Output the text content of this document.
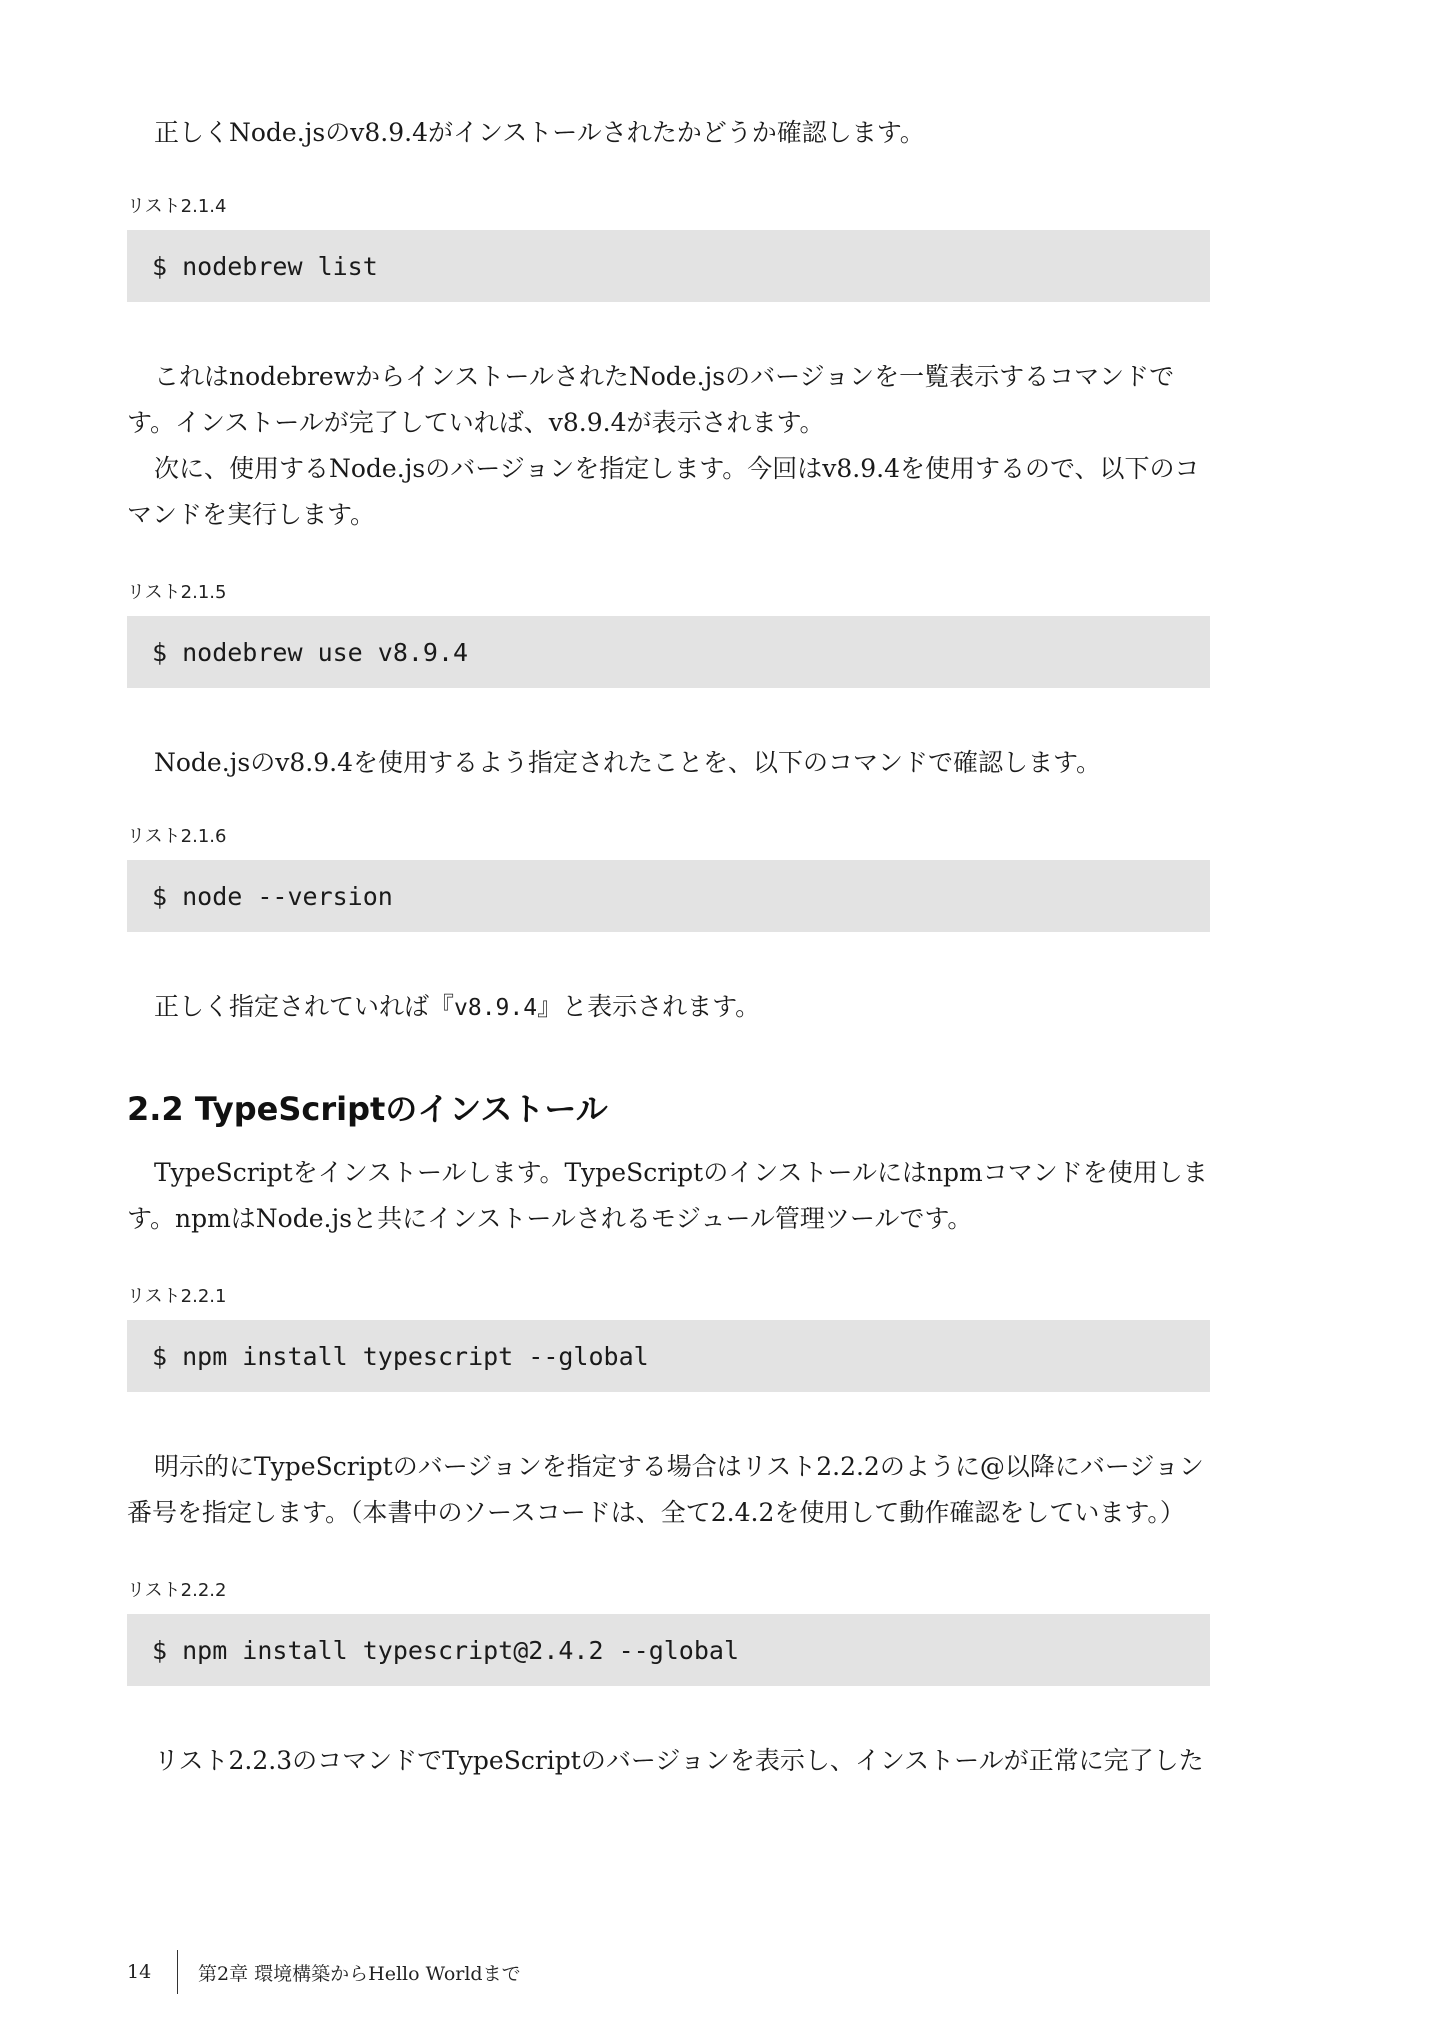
正しくNode.jsのv8.9.4がインストールされたかどうか確認します。

リスト2.1.4
$ nodebrew list

これはnodebrewからインストールされたNode.jsのバージョンを一覧表示するコマンドです。インストールが完了していれば、v8.9.4が表示されます。

次に、使用するNode.jsのバージョンを指定します。今回はv8.9.4を使用するので、以下のコマンドを実行します。

リスト2.1.5
$ nodebrew use v8.9.4

Node.jsのv8.9.4を使用するよう指定されたことを、以下のコマンドで確認します。

リスト2.1.6
$ node --version

正しく指定されていれば『v8.9.4』と表示されます。

2.2 TypeScriptのインストール

TypeScriptをインストールします。TypeScriptのインストールにはnpmコマンドを使用します。npmはNode.jsと共にインストールされるモジュール管理ツールです。

リスト2.2.1
$ npm install typescript --global

明示的にTypeScriptのバージョンを指定する場合はリスト2.2.2のように@以降にバージョン番号を指定します。（本書中のソースコードは、全て2.4.2を使用して動作確認をしています。）

リスト2.2.2
$ npm install typescript@2.4.2 --global

リスト2.2.3のコマンドでTypeScriptのバージョンを表示し、インストールが正常に完了した

14	第2章 環境構築からHello Worldまで
